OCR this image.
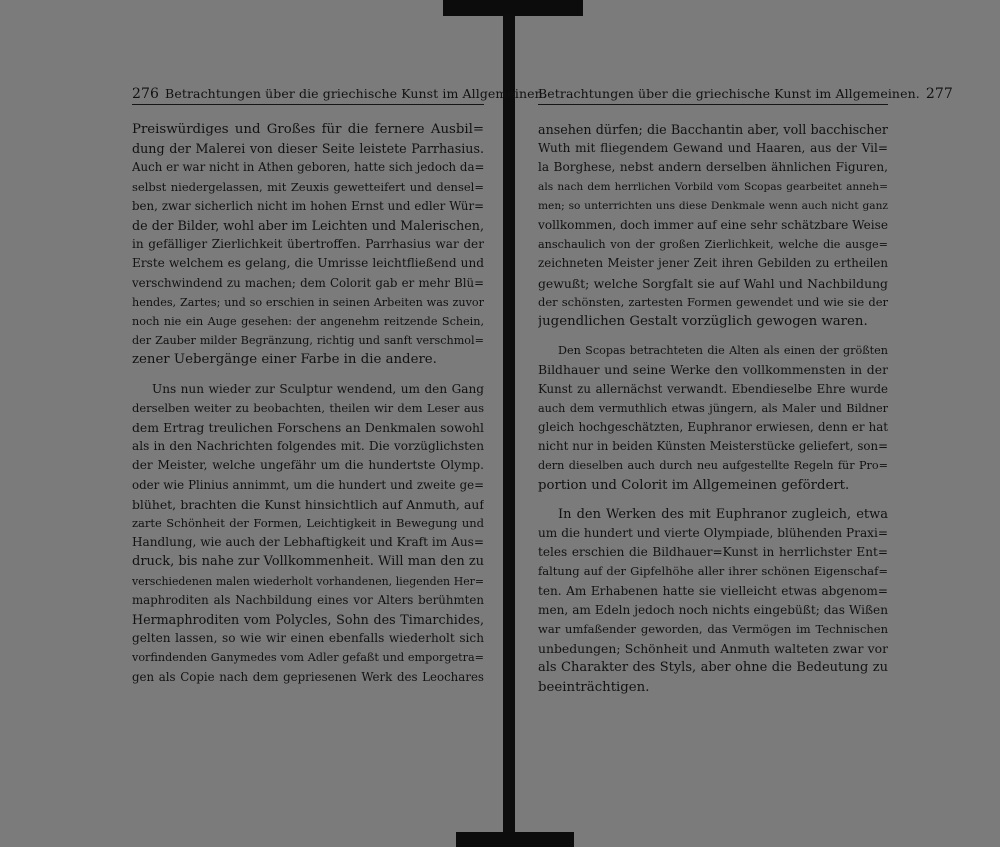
276 Betrachtungen über die griechische Kunst im Allgemeinen.

Preiswürdiges und Großes für die fernere Ausbil=
dung der Malerei von dieser Seite leistete Parrhasius.
Auch er war nicht in Athen geboren, hatte sich jedoch da=
selbst niedergelassen, mit Zeuxis gewetteifert und densel=
ben, zwar sicherlich nicht im hohen Ernst und edler Wür=
de der Bilder, wohl aber im Leichten und Malerischen,
in gefälliger Zierlichkeit übertroffen. Parrhasius war der
Erste welchem es gelang, die Umrisse leichtfließend und
verschwindend zu machen; dem Colorit gab er mehr Blü=
hendes, Zartes; und so erschien in seinen Arbeiten was zuvor
noch nie ein Auge gesehen: der angenehm reitzende Schein,
der Zauber milder Begränzung, richtig und sanft verschmol=
zener Uebergänge einer Farbe in die andere.

Uns nun wieder zur Sculptur wendend, um den Gang
derselben weiter zu beobachten, theilen wir dem Leser aus
dem Ertrag treulichen Forschens an Denkmalen sowohl
als in den Nachrichten folgendes mit. Die vorzüglichsten
der Meister, welche ungefähr um die hundertste Olymp.
oder wie Plinius annimmt, um die hundert und zweite ge=
blühet, brachten die Kunst hinsichtlich auf Anmuth, auf
zarte Schönheit der Formen, Leichtigkeit in Bewegung und
Handlung, wie auch der Lebhaftigkeit und Kraft im Aus=
druck, bis nahe zur Vollkommenheit. Will man den zu
verschiedenen malen wiederholt vorhandenen, liegenden Her=
maphroditen als Nachbildung eines vor Alters berühmten
Hermaphroditen vom Polycles, Sohn des Timarchides,
gelten lassen, so wie wir einen ebenfalls wiederholt sich
vorfindenden Ganymedes vom Adler gefaßt und emporgetra=
gen als Copie nach dem gepriesenen Werk des Leochares

Betrachtungen über die griechische Kunst im Allgemeinen. 277

ansehen dürfen; die Bacchantin aber, voll bacchischer
Wuth mit fliegendem Gewand und Haaren, aus der Vil=
la Borghese, nebst andern derselben ähnlichen Figuren,
als nach dem herrlichen Vorbild vom Scopas gearbeitet anneh=
men; so unterrichten uns diese Denkmale wenn auch nicht ganz
vollkommen, doch immer auf eine sehr schätzbare Weise
anschaulich von der großen Zierlichkeit, welche die ausge=
zeichneten Meister jener Zeit ihren Gebilden zu ertheilen
gewußt; welche Sorgfalt sie auf Wahl und Nachbildung
der schönsten, zartesten Formen gewendet und wie sie der
jugendlichen Gestalt vorzüglich gewogen waren.

Den Scopas betrachteten die Alten als einen der größten
Bildhauer und seine Werke den vollkommensten in der
Kunst zu allernächst verwandt. Ebendieselbe Ehre wurde
auch dem vermuthlich etwas jüngern, als Maler und Bildner
gleich hochgeschätzten, Euphranor erwiesen, denn er hat
nicht nur in beiden Künsten Meisterstücke geliefert, son=
dern dieselben auch durch neu aufgestellte Regeln für Pro=
portion und Colorit im Allgemeinen gefördert.

In den Werken des mit Euphranor zugleich, etwa
um die hundert und vierte Olympiade, blühenden Praxi=
teles erschien die Bildhauer=Kunst in herrlichster Ent=
faltung auf der Gipfelhöhe aller ihrer schönen Eigenschaf=
ten. Am Erhabenen hatte sie vielleicht etwas abgenom=
men, am Edeln jedoch noch nichts eingebüßt; das Wißen
war umfaßender geworden, das Vermögen im Technischen
unbedungen; Schönheit und Anmuth walteten zwar vor
als Charakter des Styls, aber ohne die Bedeutung zu
beeinträchtigen.
